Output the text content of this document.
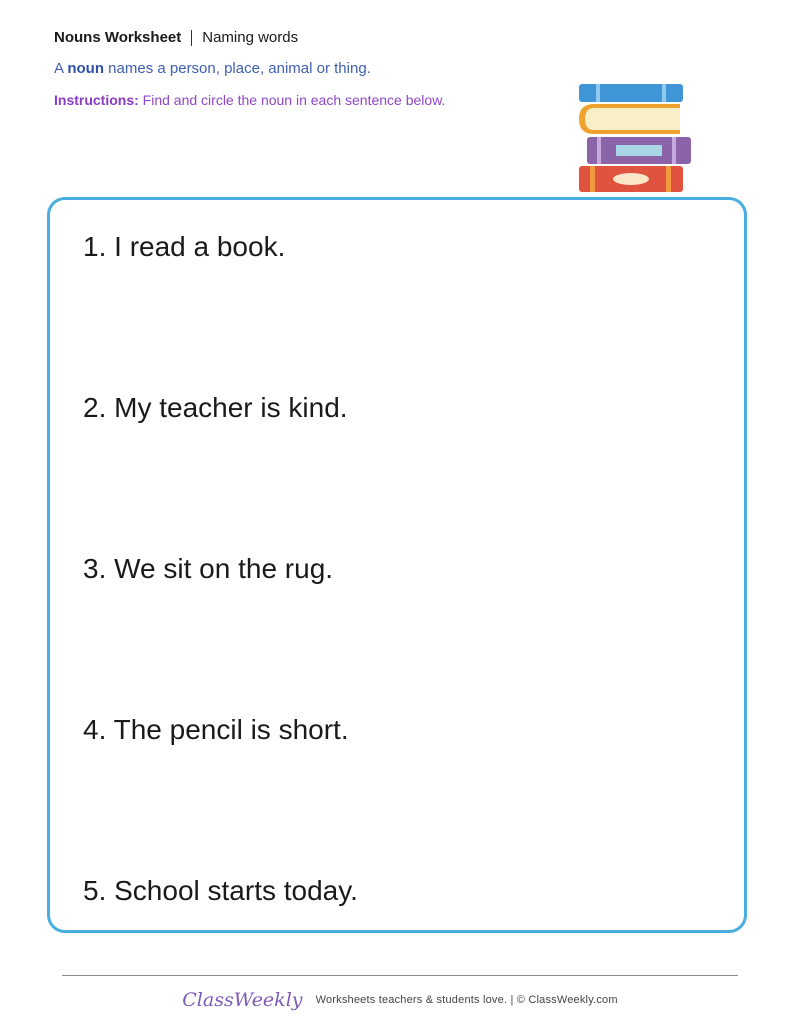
Nouns Worksheet Naming words
A noun names a person, place, animal or thing.
Instructions: Find and circle the noun in each sentence below.
1. I read a book.
2. My teacher is kind.
3. We sit on the rug.
4. The pencil is short.
5. School starts today.
ClassWeekly Worksheets teachers & students love. | © ClassWeekly.com
